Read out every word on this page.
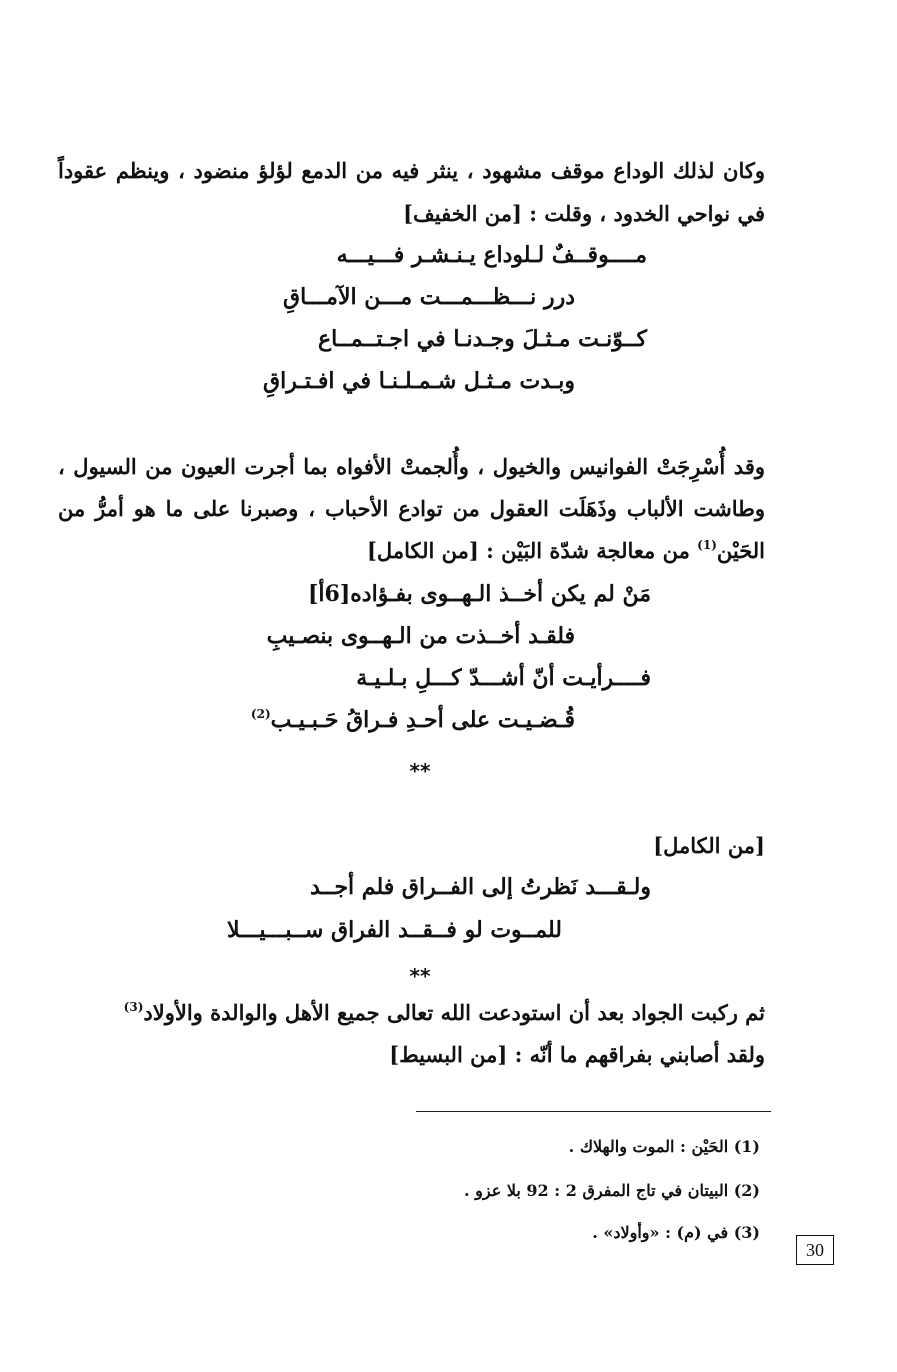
وكان لذلك الوداع موقف مشهود ، ينثر فيه من الدمع لؤلؤ منضود ، وينظم عقوداً
في نواحي الخدود ، وقلت : [من الخفيف]
مــــوقــفٌ لـلوداع يـنـشـر فـــيـــه
درر نـــظـــمـــت مـــن الآمـــاقِ
كــوّنـت مـثـلَ وجـدنـا في اجـتــمــاع
وبـدت مـثـل شـمـلـنـا في افـتـراقِ
وقد أُسْرِجَتْ الفوانيس والخيول ، وأُلجمتْ الأفواه بما أجرت العيون من السيول ،
وطاشت الألباب وذَهَلَت العقول من توادع الأحباب ، وصبرنا على ما هو أمرُّ من
الحَيْن$^{(1)}$ من معالجة شدّة البَيْن : [من الكامل]
مَنْ لم يكن أخــذ الـهــوى بفـؤاده[6أ]
فلقـد أخــذت من الـهــوى بنصـيبِ
فــــرأيـت أنّ أشـــدّ كـــلِ بـلـيـة
قُـضـيـت على أحـدِ فـراقُ حَـبـيـب$^{(2)}$
**
[من الكامل]
ولـقـــد نَظرتُ إلى الفــراق فلم أجــد
للمــوت لو فــقــد الفراق ســبـــيـــلا
**
ثم ركبت الجواد بعد أن استودعت الله تعالى جميع الأهل والوالدة والأولاد$^{(3)}$
ولقد أصابني بفراقهم ما أنّه : [من البسيط]
(1) الحَيْن : الموت والهلاك .
(2) البيتان في تاج المفرق 2 : 92 بلا عزو .
(3) في (م) : «وأولاد» .
30
